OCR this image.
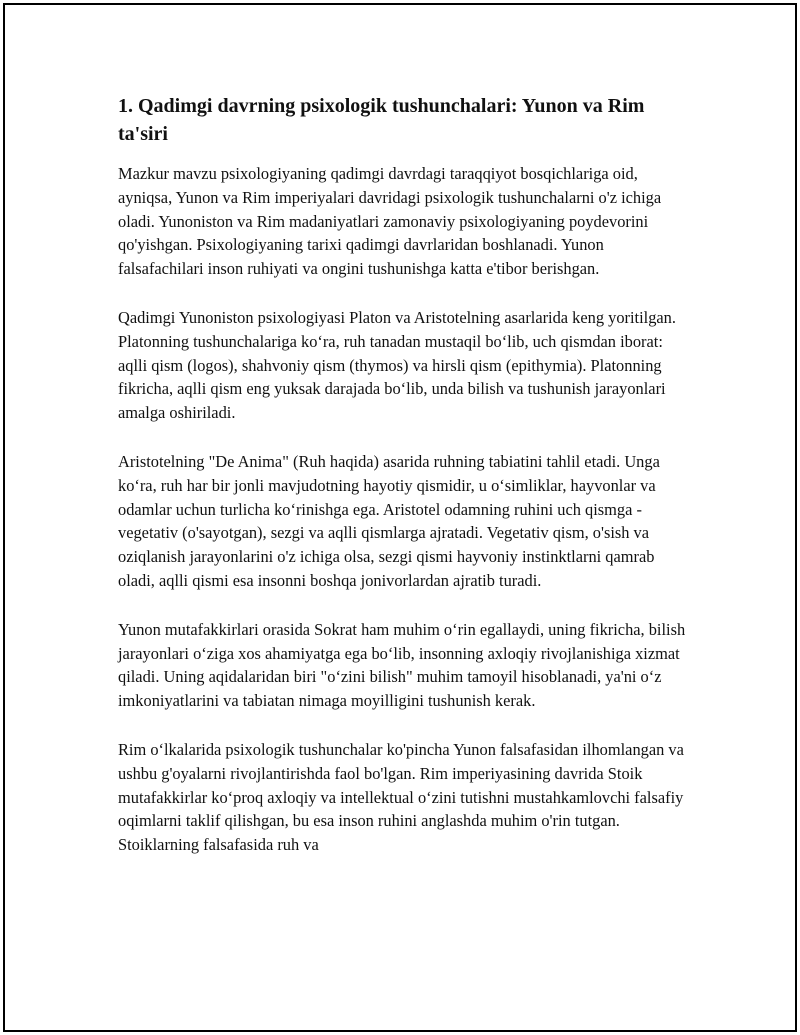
1. Qadimgi davrning psixologik tushunchalari: Yunon va Rim ta'siri

Mazkur mavzu psixologiyaning qadimgi davrdagi taraqqiyot bosqichlariga oid, ayniqsa, Yunon va Rim imperiyalari davridagi psixologik tushunchalarni o'z ichiga oladi. Yunoniston va Rim madaniyatlari zamonaviy psixologiyaning poydevorini qo'yishgan. Psixologiyaning tarixi qadimgi davrlaridan boshlanadi. Yunon falsafachilari inson ruhiyati va ongini tushunishga katta e'tibor berishgan.

Qadimgi Yunoniston psixologiyasi Platon va Aristotelning asarlarida keng yoritilgan. Platonning tushunchalariga ko‘ra, ruh tanadan mustaqil bo‘lib, uch qismdan iborat: aqlli qism (logos), shahvoniy qism (thymos) va hirsli qism (epithymia). Platonning fikricha, aqlli qism eng yuksak darajada bo‘lib, unda bilish va tushunish jarayonlari amalga oshiriladi.

Aristotelning "De Anima" (Ruh haqida) asarida ruhning tabiatini tahlil etadi. Unga ko‘ra, ruh har bir jonli mavjudotning hayotiy qismidir, u o‘simliklar, hayvonlar va odamlar uchun turlicha ko‘rinishga ega. Aristotel odamning ruhini uch qismga - vegetativ (o'sayotgan), sezgi va aqlli qismlarga ajratadi. Vegetativ qism, o'sish va oziqlanish jarayonlarini o'z ichiga olsa, sezgi qismi hayvoniy instinktlarni qamrab oladi, aqlli qismi esa insonni boshqa jonivorlardan ajratib turadi.

Yunon mutafakkirlari orasida Sokrat ham muhim o‘rin egallaydi, uning fikricha, bilish jarayonlari o‘ziga xos ahamiyatga ega bo‘lib, insonning axloqiy rivojlanishiga xizmat qiladi. Uning aqidalaridan biri "o‘zini bilish" muhim tamoyil hisoblanadi, ya'ni o‘z imkoniyatlarini va tabiatan nimaga moyilligini tushunish kerak.

Rim o‘lkalarida psixologik tushunchalar ko'pincha Yunon falsafasidan ilhomlangan va ushbu g'oyalarni rivojlantirishda faol bo'lgan. Rim imperiyasining davrida Stoik mutafakkirlar ko‘proq axloqiy va intellektual o‘zini tutishni mustahkamlovchi falsafiy oqimlarni taklif qilishgan, bu esa inson ruhini anglashda muhim o'rin tutgan. Stoiklarning falsafasida ruh va
